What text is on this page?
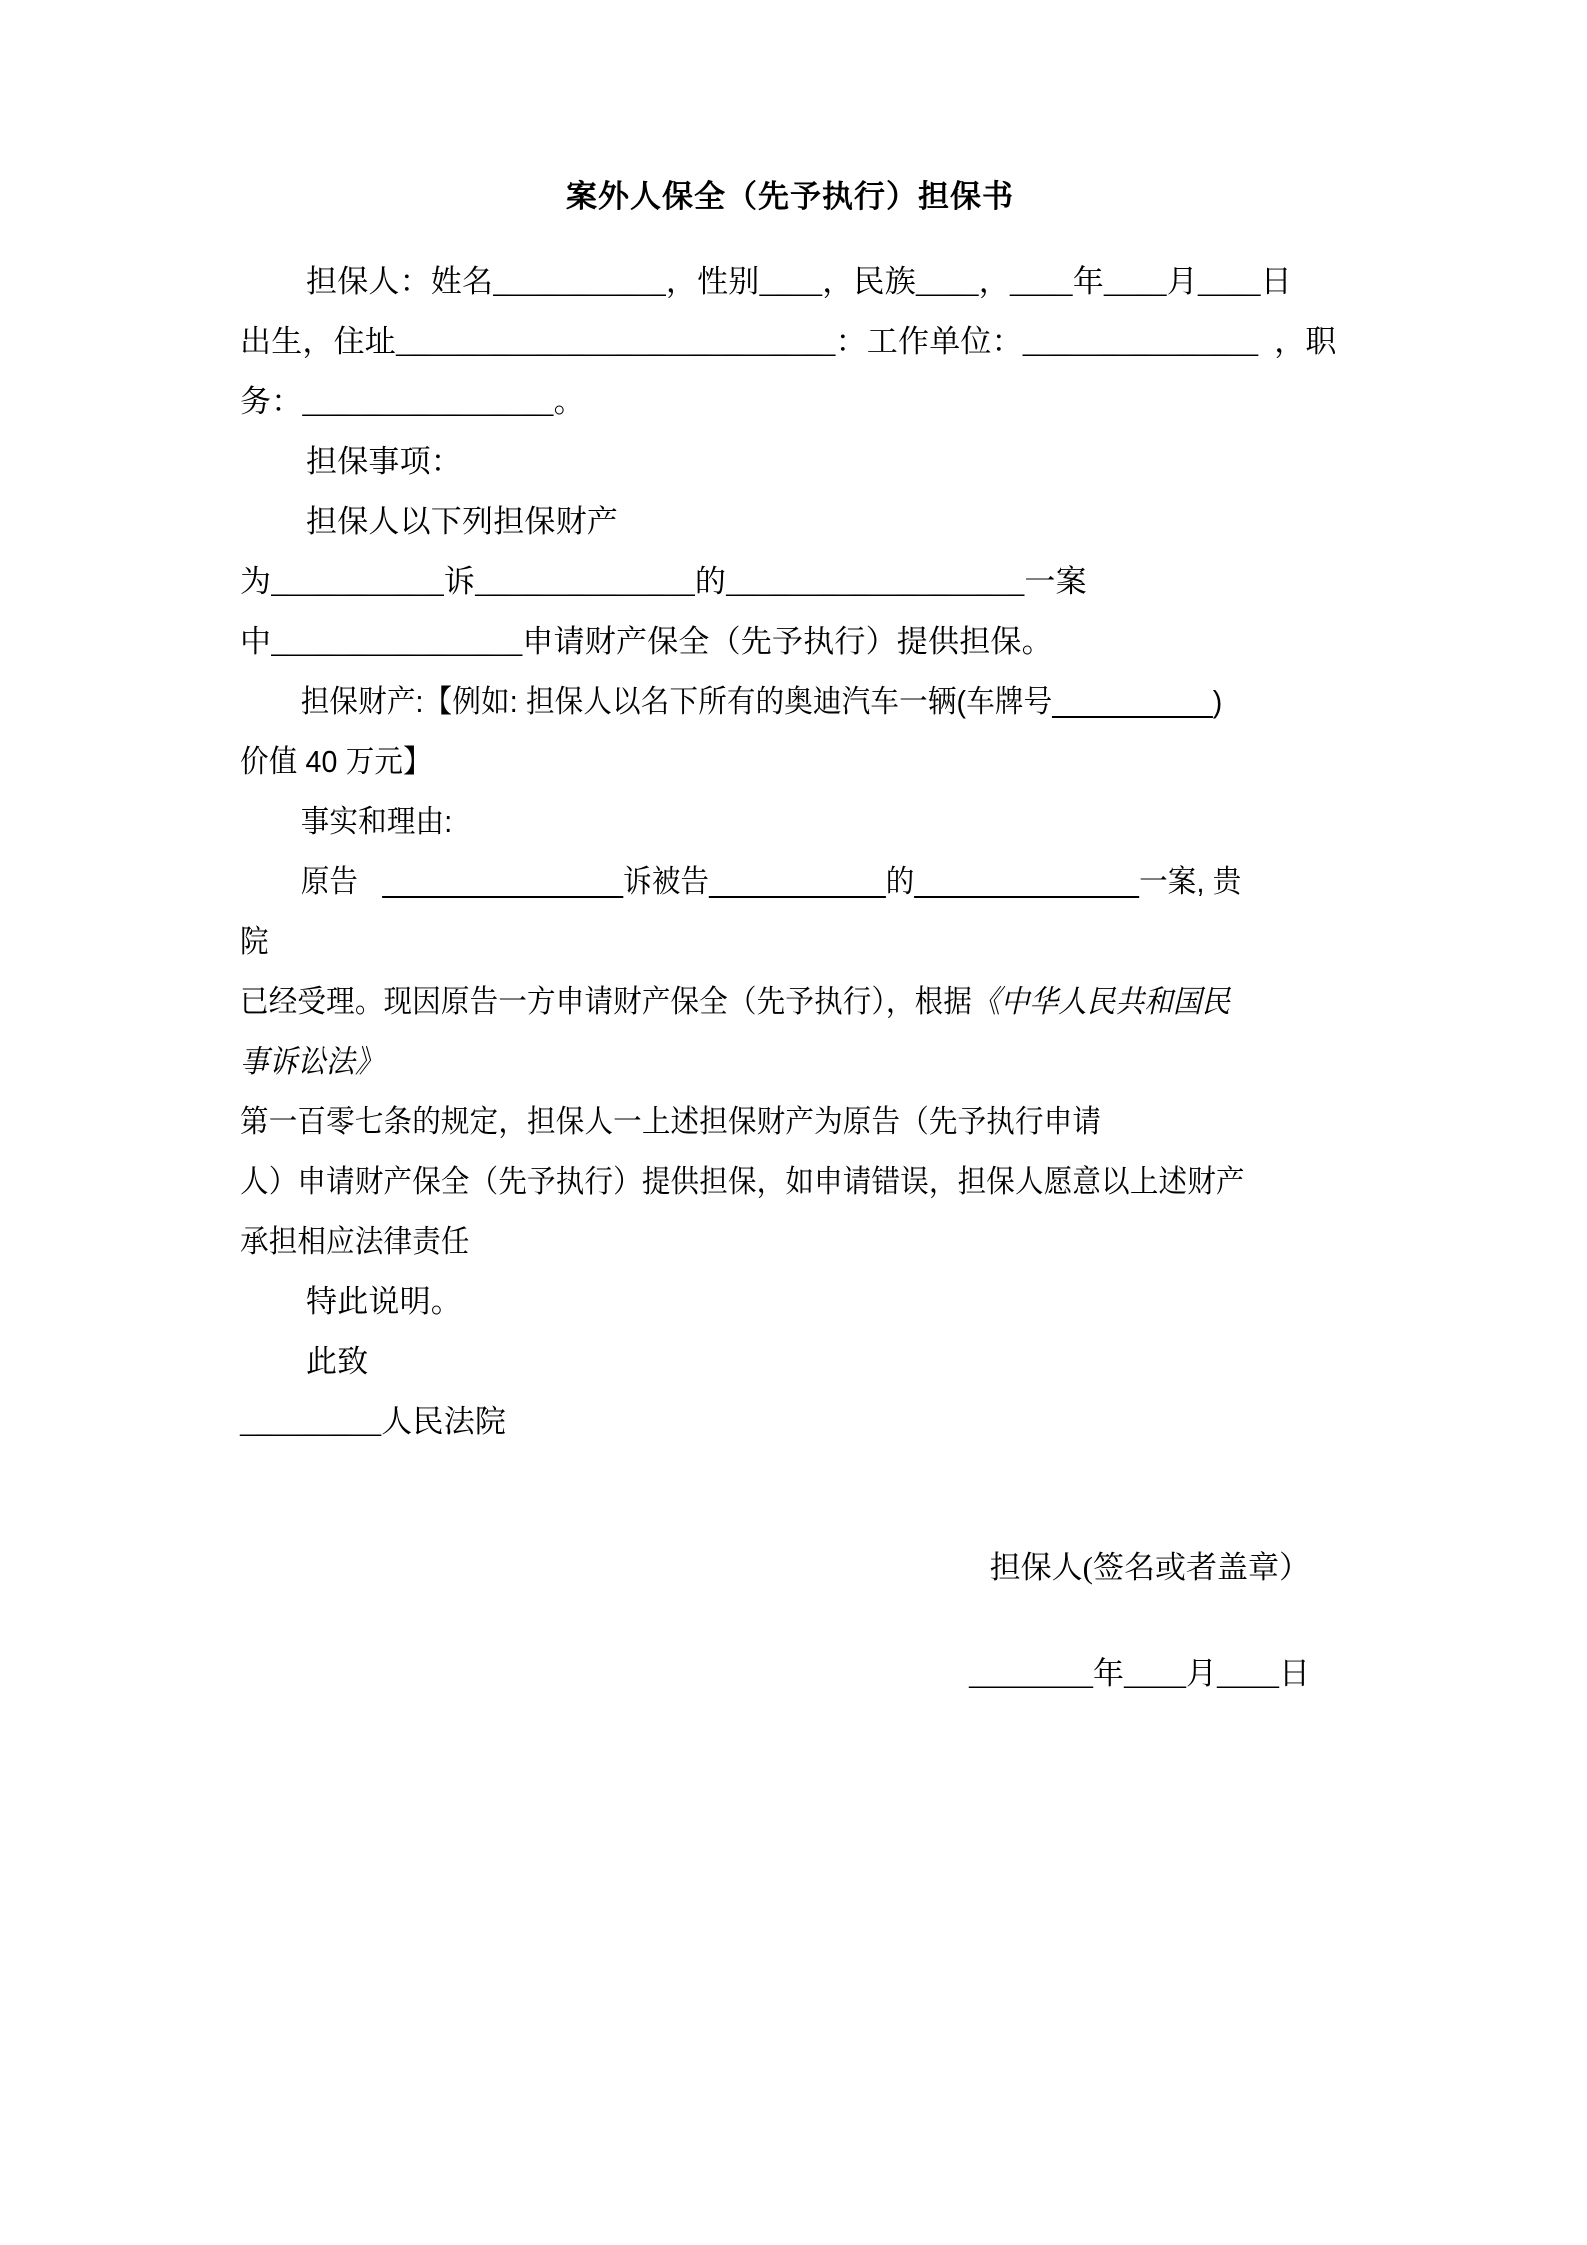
案外人保全（先予执行）担保书

担保人：姓名___________，性别____，民族____，____年____月____日

出生，住址____________________________：工作单位：_______________  ，职

务：________________。

担保事项：

担保人以下列担保财产

为___________诉______________的___________________一案

中________________申请财产保全（先予执行）提供担保。

担保财产:【例如: 担保人以名下所有的奥迪汽车一辆(车牌号__________)

价值 40 万元】

事实和理由:

原告   _______________诉被告___________的______________一案, 贵院

已经受理。现因原告一方申请财产保全（先予执行），根据《中华人民共和国民事诉讼法》

第一百零七条的规定，担保人一上述担保财产为原告（先予执行申请

人）申请财产保全（先予执行）提供担保，如申请错误，担保人愿意以上述财产

承担相应法律责任

特此说明。

此致

_________人民法院

担保人(签名或者盖章）

________年____月____日
